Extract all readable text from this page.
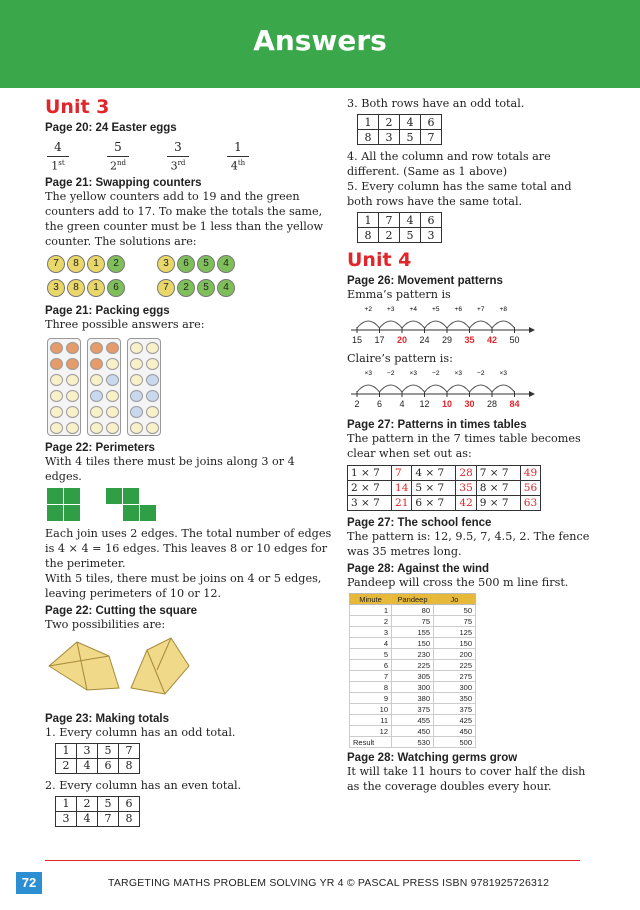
Answers
Unit 3
Page 20: 24 Easter eggs
$\frac{4}{1^{st}}$	$\frac{5}{2^{nd}}$	$\frac{3}{3^{rd}}$	$\frac{1}{4^{th}}$
Page 21: Swapping counters
The yellow counters add to 19 and the green counters add to 17. To make the totals the same, the green counter must be 1 less than the yellow counter. The solutions are:
7	8	1	2	3	6	5	4
3	8	1	6	7	2	5	4
Page 21: Packing eggs
Three possible answers are:
Page 22: Perimeters
With 4 tiles there must be joins along 3 or 4 edges.
Each join uses 2 edges. The total number of edges is 4 × 4 = 16 edges. This leaves 8 or 10 edges for the perimeter.
With 5 tiles, there must be joins on 4 or 5 edges, leaving perimeters of 10 or 12.
Page 22: Cutting the square
Two possibilities are:
Page 23: Making totals
1. Every column has an odd total.
1	3	5	7
2	4	6	8
2. Every column has an even total.
1	2	5	6
3	4	7	8
3. Both rows have an odd total.
1	2	4	6
8	3	5	7
4. All the column and row totals are different. (Same as 1 above)
5. Every column has the same total and both rows have the same total.
1	7	4	6
8	2	5	3
Unit 4
Page 26: Movement patterns
Emma’s pattern is
15 17 20 24 29 35 42 50
+2 +3 +4 +5 +6 +7 +8
Claire’s pattern is:
2 6 4 12 10 30 28 84
×3 −2 ×3 −2 ×3 −2 ×3
Page 27: Patterns in times tables
The pattern in the 7 times table becomes clear when set out as:
1 × 7	7	4 × 7	28	7 × 7	49
2 × 7	14	5 × 7	35	8 × 7	56
3 × 7	21	6 × 7	42	9 × 7	63
Page 27: The school fence
The pattern is: 12, 9.5, 7, 4.5, 2. The fence was 35 metres long.
Page 28: Against the wind
Pandeep will cross the 500 m line first.
Minute	Pandeep	Jo
1	80	50
2	75	75
3	155	125
4	150	150
5	230	200
6	225	225
7	305	275
8	300	300
9	380	350
10	375	375
11	455	425
12	450	450
Result	530	500
Page 28: Watching germs grow
It will take 11 hours to cover half the dish as the coverage doubles every hour.
72	TARGETING MATHS PROBLEM SOLVING YR 4 © PASCAL PRESS ISBN 9781925726312
